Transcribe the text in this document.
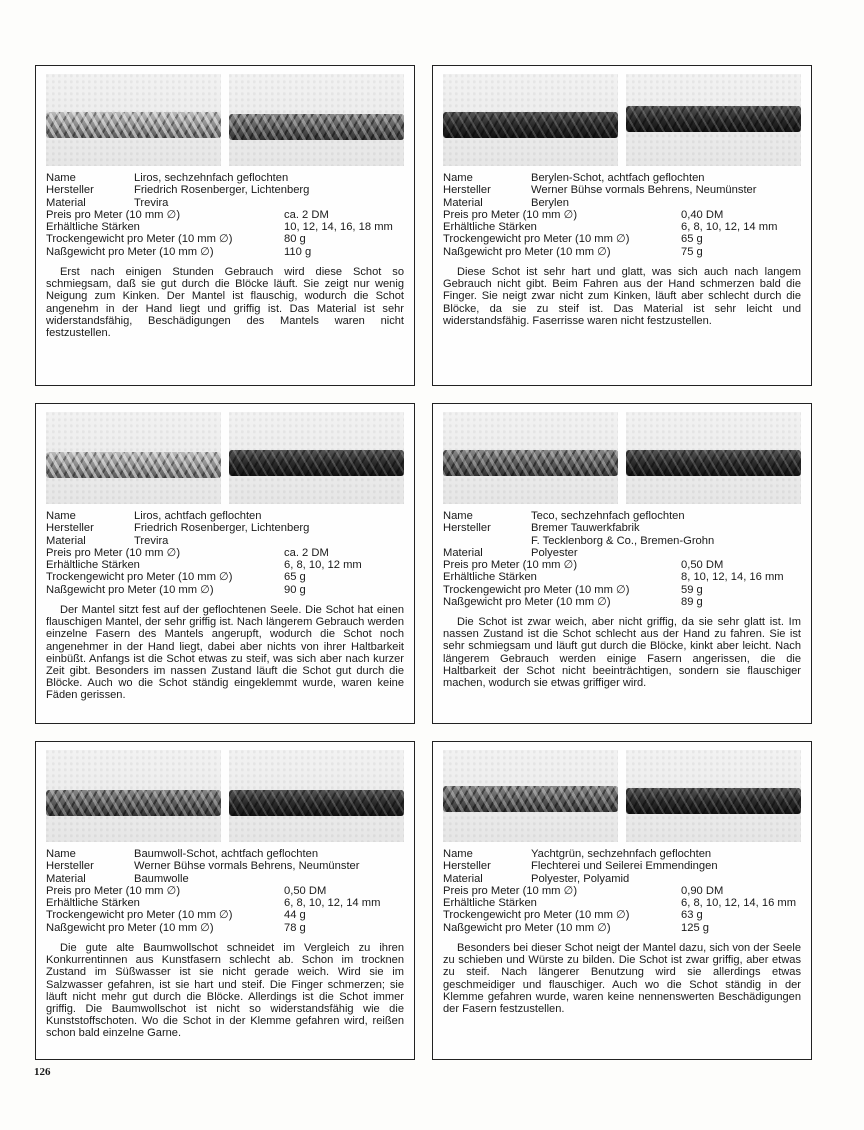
Name	Liros, sechzehnfach geflochten
Hersteller	Friedrich Rosenberger, Lichtenberg
Material	Trevira
Preis pro Meter (10 mm ∅)	ca. 2 DM
Erhältliche Stärken	10, 12, 14, 16, 18 mm
Trockengewicht pro Meter (10 mm ∅)	80 g
Naßgewicht pro Meter (10 mm ∅)	110 g
Erst nach einigen Stunden Gebrauch wird diese Schot so schmiegsam, daß sie gut durch die Blöcke läuft. Sie zeigt nur wenig Neigung zum Kinken. Der Mantel ist flauschig, wodurch die Schot angenehm in der Hand liegt und griffig ist. Das Material ist sehr widerstandsfähig, Beschädigungen des Mantels waren nicht festzustellen.
Name	Berylen-Schot, achtfach geflochten
Hersteller	Werner Bühse vormals Behrens, Neumünster
Material	Berylen
Preis pro Meter (10 mm ∅)	0,40 DM
Erhältliche Stärken	6, 8, 10, 12, 14 mm
Trockengewicht pro Meter (10 mm ∅)	65 g
Naßgewicht pro Meter (10 mm ∅)	75 g
Diese Schot ist sehr hart und glatt, was sich auch nach langem Gebrauch nicht gibt. Beim Fahren aus der Hand schmerzen bald die Finger. Sie neigt zwar nicht zum Kinken, läuft aber schlecht durch die Blöcke, da sie zu steif ist. Das Material ist sehr leicht und widerstandsfähig. Faserrisse waren nicht festzustellen.
Name	Liros, achtfach geflochten
Hersteller	Friedrich Rosenberger, Lichtenberg
Material	Trevira
Preis pro Meter (10 mm ∅)	ca. 2 DM
Erhältliche Stärken	6, 8, 10, 12 mm
Trockengewicht pro Meter (10 mm ∅)	65 g
Naßgewicht pro Meter (10 mm ∅)	90 g
Der Mantel sitzt fest auf der geflochtenen Seele. Die Schot hat einen flauschigen Mantel, der sehr griffig ist. Nach längerem Gebrauch werden einzelne Fasern des Mantels angerupft, wodurch die Schot noch angenehmer in der Hand liegt, dabei aber nichts von ihrer Haltbarkeit einbüßt. Anfangs ist die Schot etwas zu steif, was sich aber nach kurzer Zeit gibt. Besonders im nassen Zustand läuft die Schot gut durch die Blöcke. Auch wo die Schot ständig eingeklemmt wurde, waren keine Fäden gerissen.
Name	Teco, sechzehnfach geflochten
Hersteller	Bremer Tauwerkfabrik
F. Tecklenborg & Co., Bremen-Grohn
Material	Polyester
Preis pro Meter (10 mm ∅)	0,50 DM
Erhältliche Stärken	8, 10, 12, 14, 16 mm
Trockengewicht pro Meter (10 mm ∅)	59 g
Naßgewicht pro Meter (10 mm ∅)	89 g
Die Schot ist zwar weich, aber nicht griffig, da sie sehr glatt ist. Im nassen Zustand ist die Schot schlecht aus der Hand zu fahren. Sie ist sehr schmiegsam und läuft gut durch die Blöcke, kinkt aber leicht. Nach längerem Gebrauch werden einige Fasern angerissen, die die Haltbarkeit der Schot nicht beeinträchtigen, sondern sie flauschiger machen, wodurch sie etwas griffiger wird.
Name	Baumwoll-Schot, achtfach geflochten
Hersteller	Werner Bühse vormals Behrens, Neumünster
Material	Baumwolle
Preis pro Meter (10 mm ∅)	0,50 DM
Erhältliche Stärken	6, 8, 10, 12, 14 mm
Trockengewicht pro Meter (10 mm ∅)	44 g
Naßgewicht pro Meter (10 mm ∅)	78 g
Die gute alte Baumwollschot schneidet im Vergleich zu ihren Konkurrentinnen aus Kunstfasern schlecht ab. Schon im trocknen Zustand im Süßwasser ist sie nicht gerade weich. Wird sie im Salzwasser gefahren, ist sie hart und steif. Die Finger schmerzen; sie läuft nicht mehr gut durch die Blöcke. Allerdings ist die Schot immer griffig. Die Baumwollschot ist nicht so widerstandsfähig wie die Kunststoffschoten. Wo die Schot in der Klemme gefahren wird, reißen schon bald einzelne Garne.
Name	Yachtgrün, sechzehnfach geflochten
Hersteller	Flechterei und Seilerei Emmendingen
Material	Polyester, Polyamid
Preis pro Meter (10 mm ∅)	0,90 DM
Erhältliche Stärken	6, 8, 10, 12, 14, 16 mm
Trockengewicht pro Meter (10 mm ∅)	63 g
Naßgewicht pro Meter (10 mm ∅)	125 g
Besonders bei dieser Schot neigt der Mantel dazu, sich von der Seele zu schieben und Würste zu bilden. Die Schot ist zwar griffig, aber etwas zu steif. Nach längerer Benutzung wird sie allerdings etwas geschmeidiger und flauschiger. Auch wo die Schot ständig in der Klemme gefahren wurde, waren keine nennenswerten Beschädigungen der Fasern festzustellen.
126
